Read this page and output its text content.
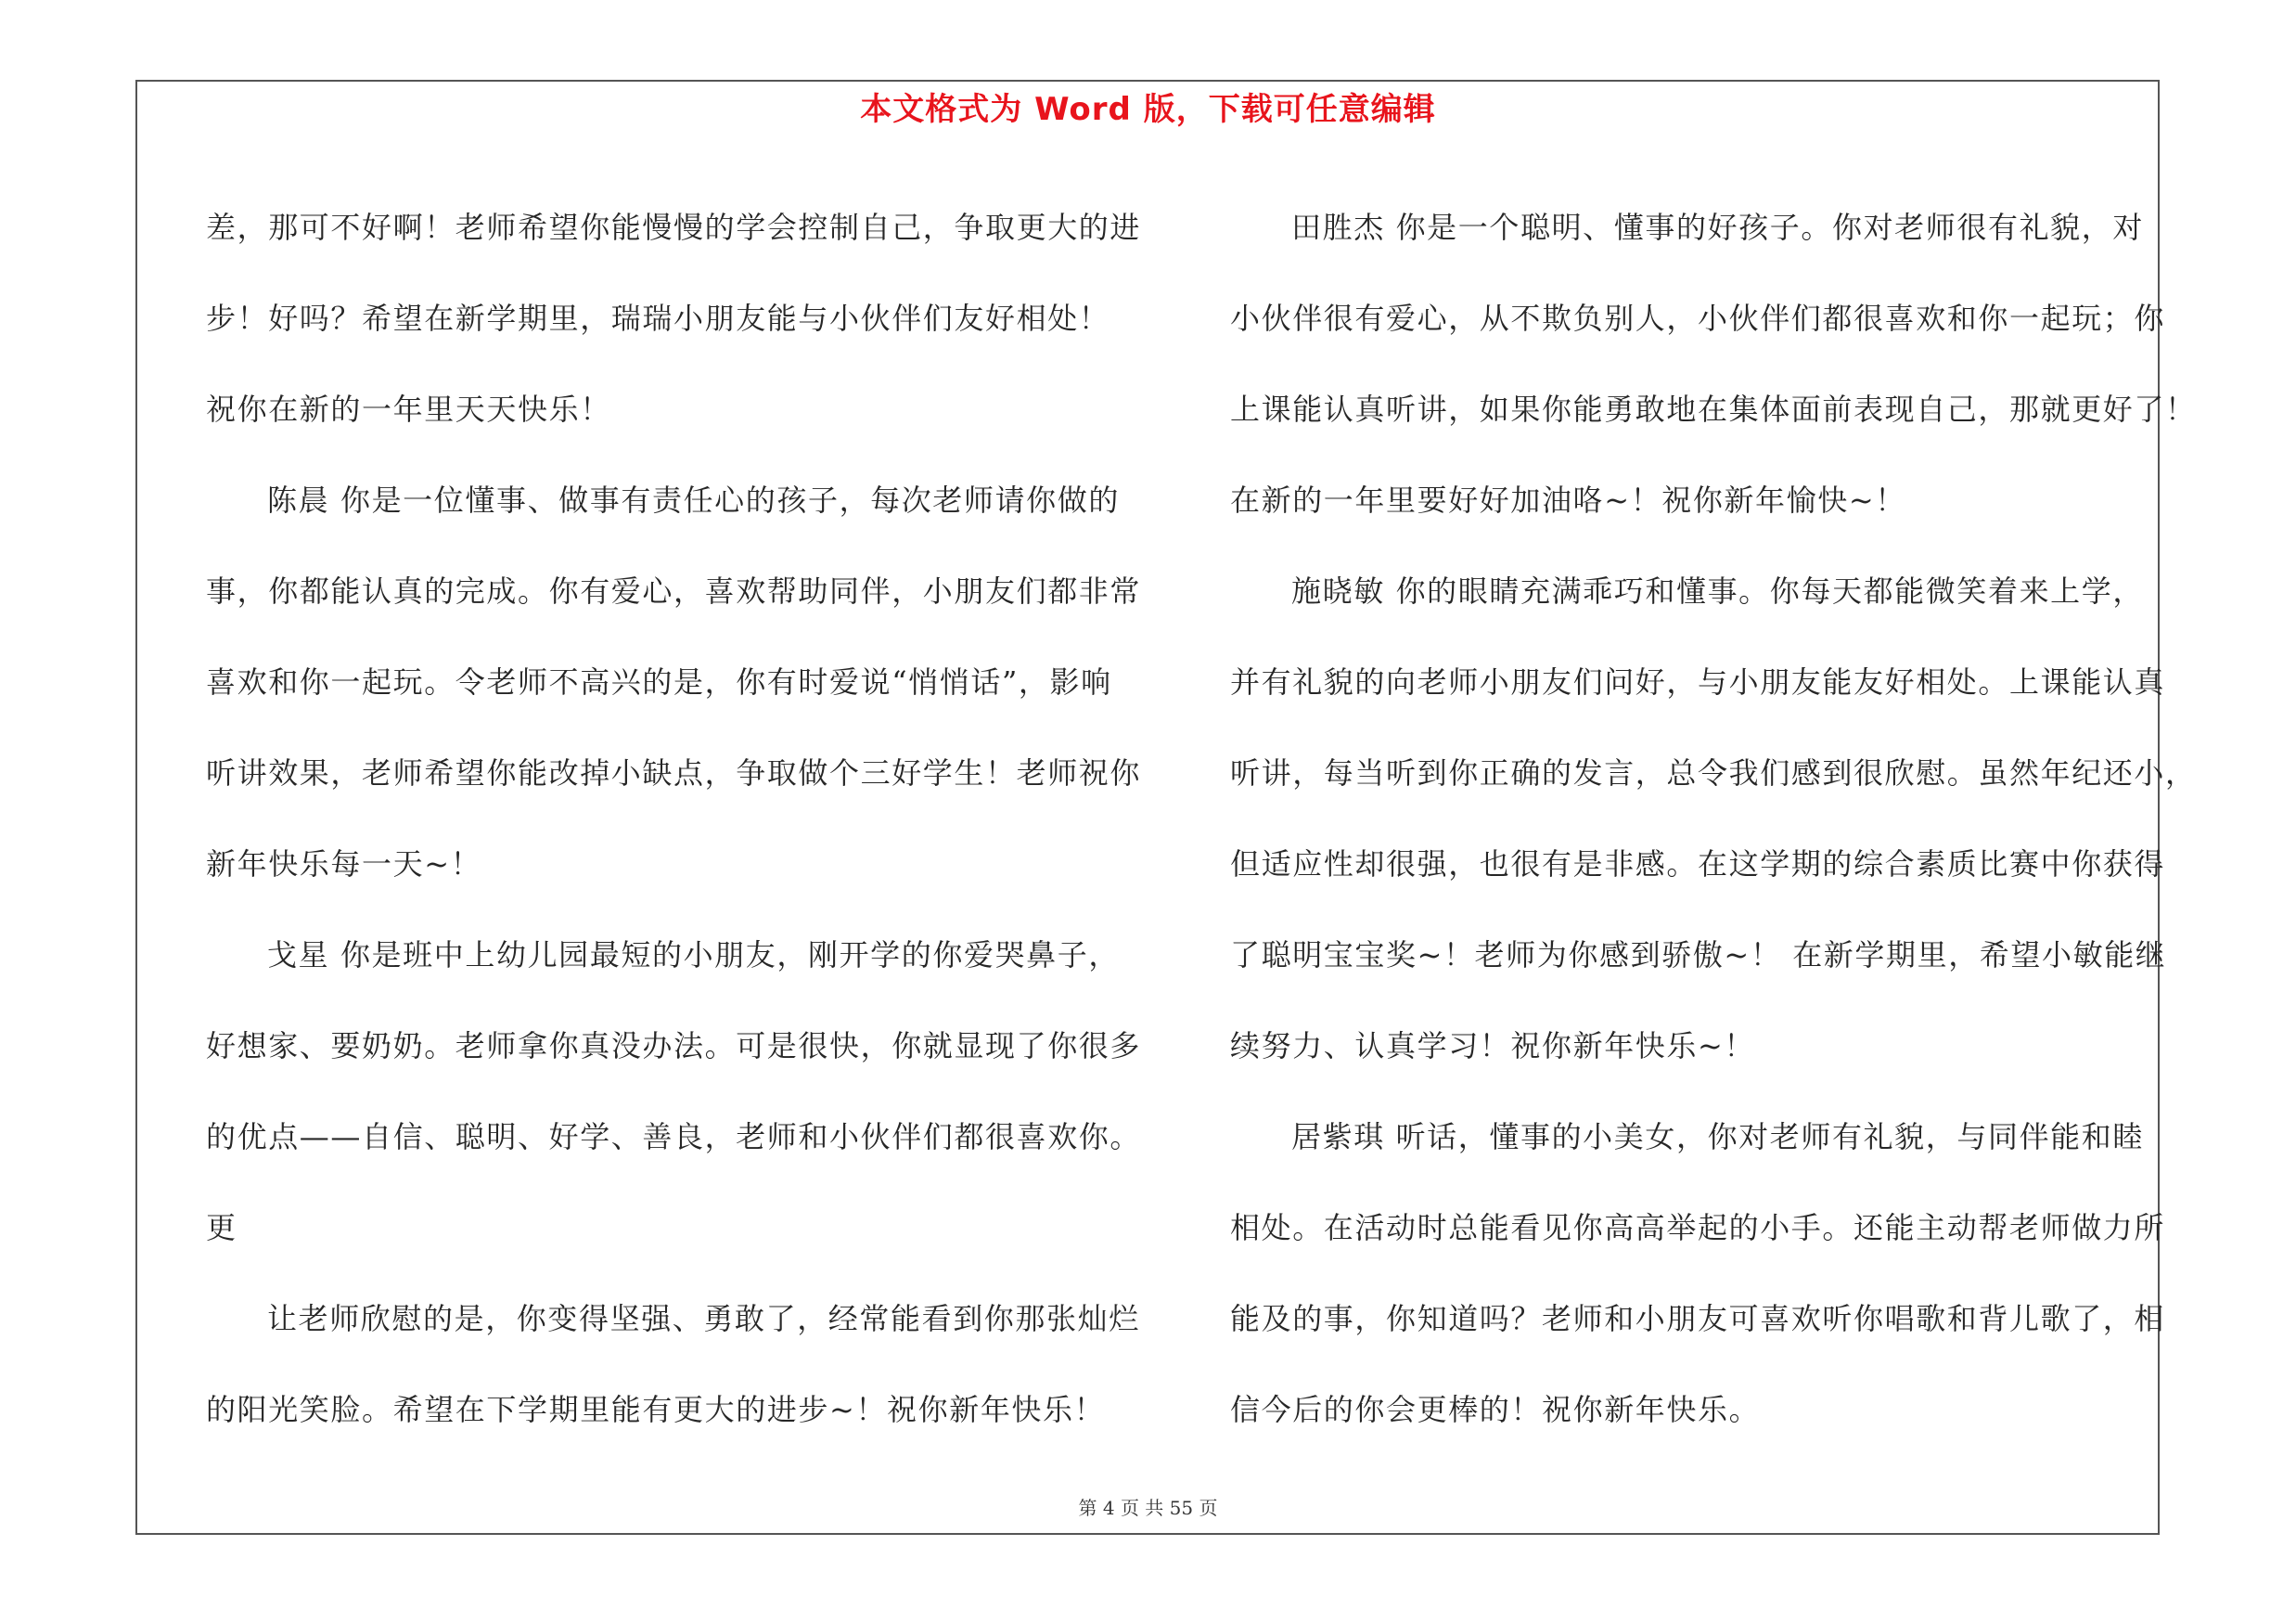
本文格式为 Word 版，下载可任意编辑
差，那可不好啊！老师希望你能慢慢的学会控制自己，争取更大的进
步！好吗？希望在新学期里，瑞瑞小朋友能与小伙伴们友好相处！
祝你在新的一年里天天快乐！
陈晨 你是一位懂事、做事有责任心的孩子，每次老师请你做的
事，你都能认真的完成。你有爱心，喜欢帮助同伴，小朋友们都非常
喜欢和你一起玩。令老师不高兴的是，你有时爱说“悄悄话”，影响
听讲效果，老师希望你能改掉小缺点，争取做个三好学生！老师祝你
新年快乐每一天~！
戈星 你是班中上幼儿园最短的小朋友，刚开学的你爱哭鼻子，
好想家、要奶奶。老师拿你真没办法。可是很快，你就显现了你很多
的优点——自信、聪明、好学、善良，老师和小伙伴们都很喜欢你。
更
让老师欣慰的是，你变得坚强、勇敢了，经常能看到你那张灿烂
的阳光笑脸。希望在下学期里能有更大的进步~！祝你新年快乐！
田胜杰 你是一个聪明、懂事的好孩子。你对老师很有礼貌，对
小伙伴很有爱心，从不欺负别人，小伙伴们都很喜欢和你一起玩；你
上课能认真听讲，如果你能勇敢地在集体面前表现自己，那就更好了！
在新的一年里要好好加油咯~！祝你新年愉快~！
施晓敏 你的眼睛充满乖巧和懂事。你每天都能微笑着来上学，
并有礼貌的向老师小朋友们问好，与小朋友能友好相处。上课能认真
听讲，每当听到你正确的发言，总令我们感到很欣慰。虽然年纪还小，
但适应性却很强，也很有是非感。在这学期的综合素质比赛中你获得
了聪明宝宝奖~！老师为你感到骄傲~！ 在新学期里，希望小敏能继
续努力、认真学习！祝你新年快乐~！
居紫琪 听话，懂事的小美女，你对老师有礼貌，与同伴能和睦
相处。在活动时总能看见你高高举起的小手。还能主动帮老师做力所
能及的事，你知道吗？老师和小朋友可喜欢听你唱歌和背儿歌了，相
信今后的你会更棒的！祝你新年快乐。
第 4 页 共 55 页
